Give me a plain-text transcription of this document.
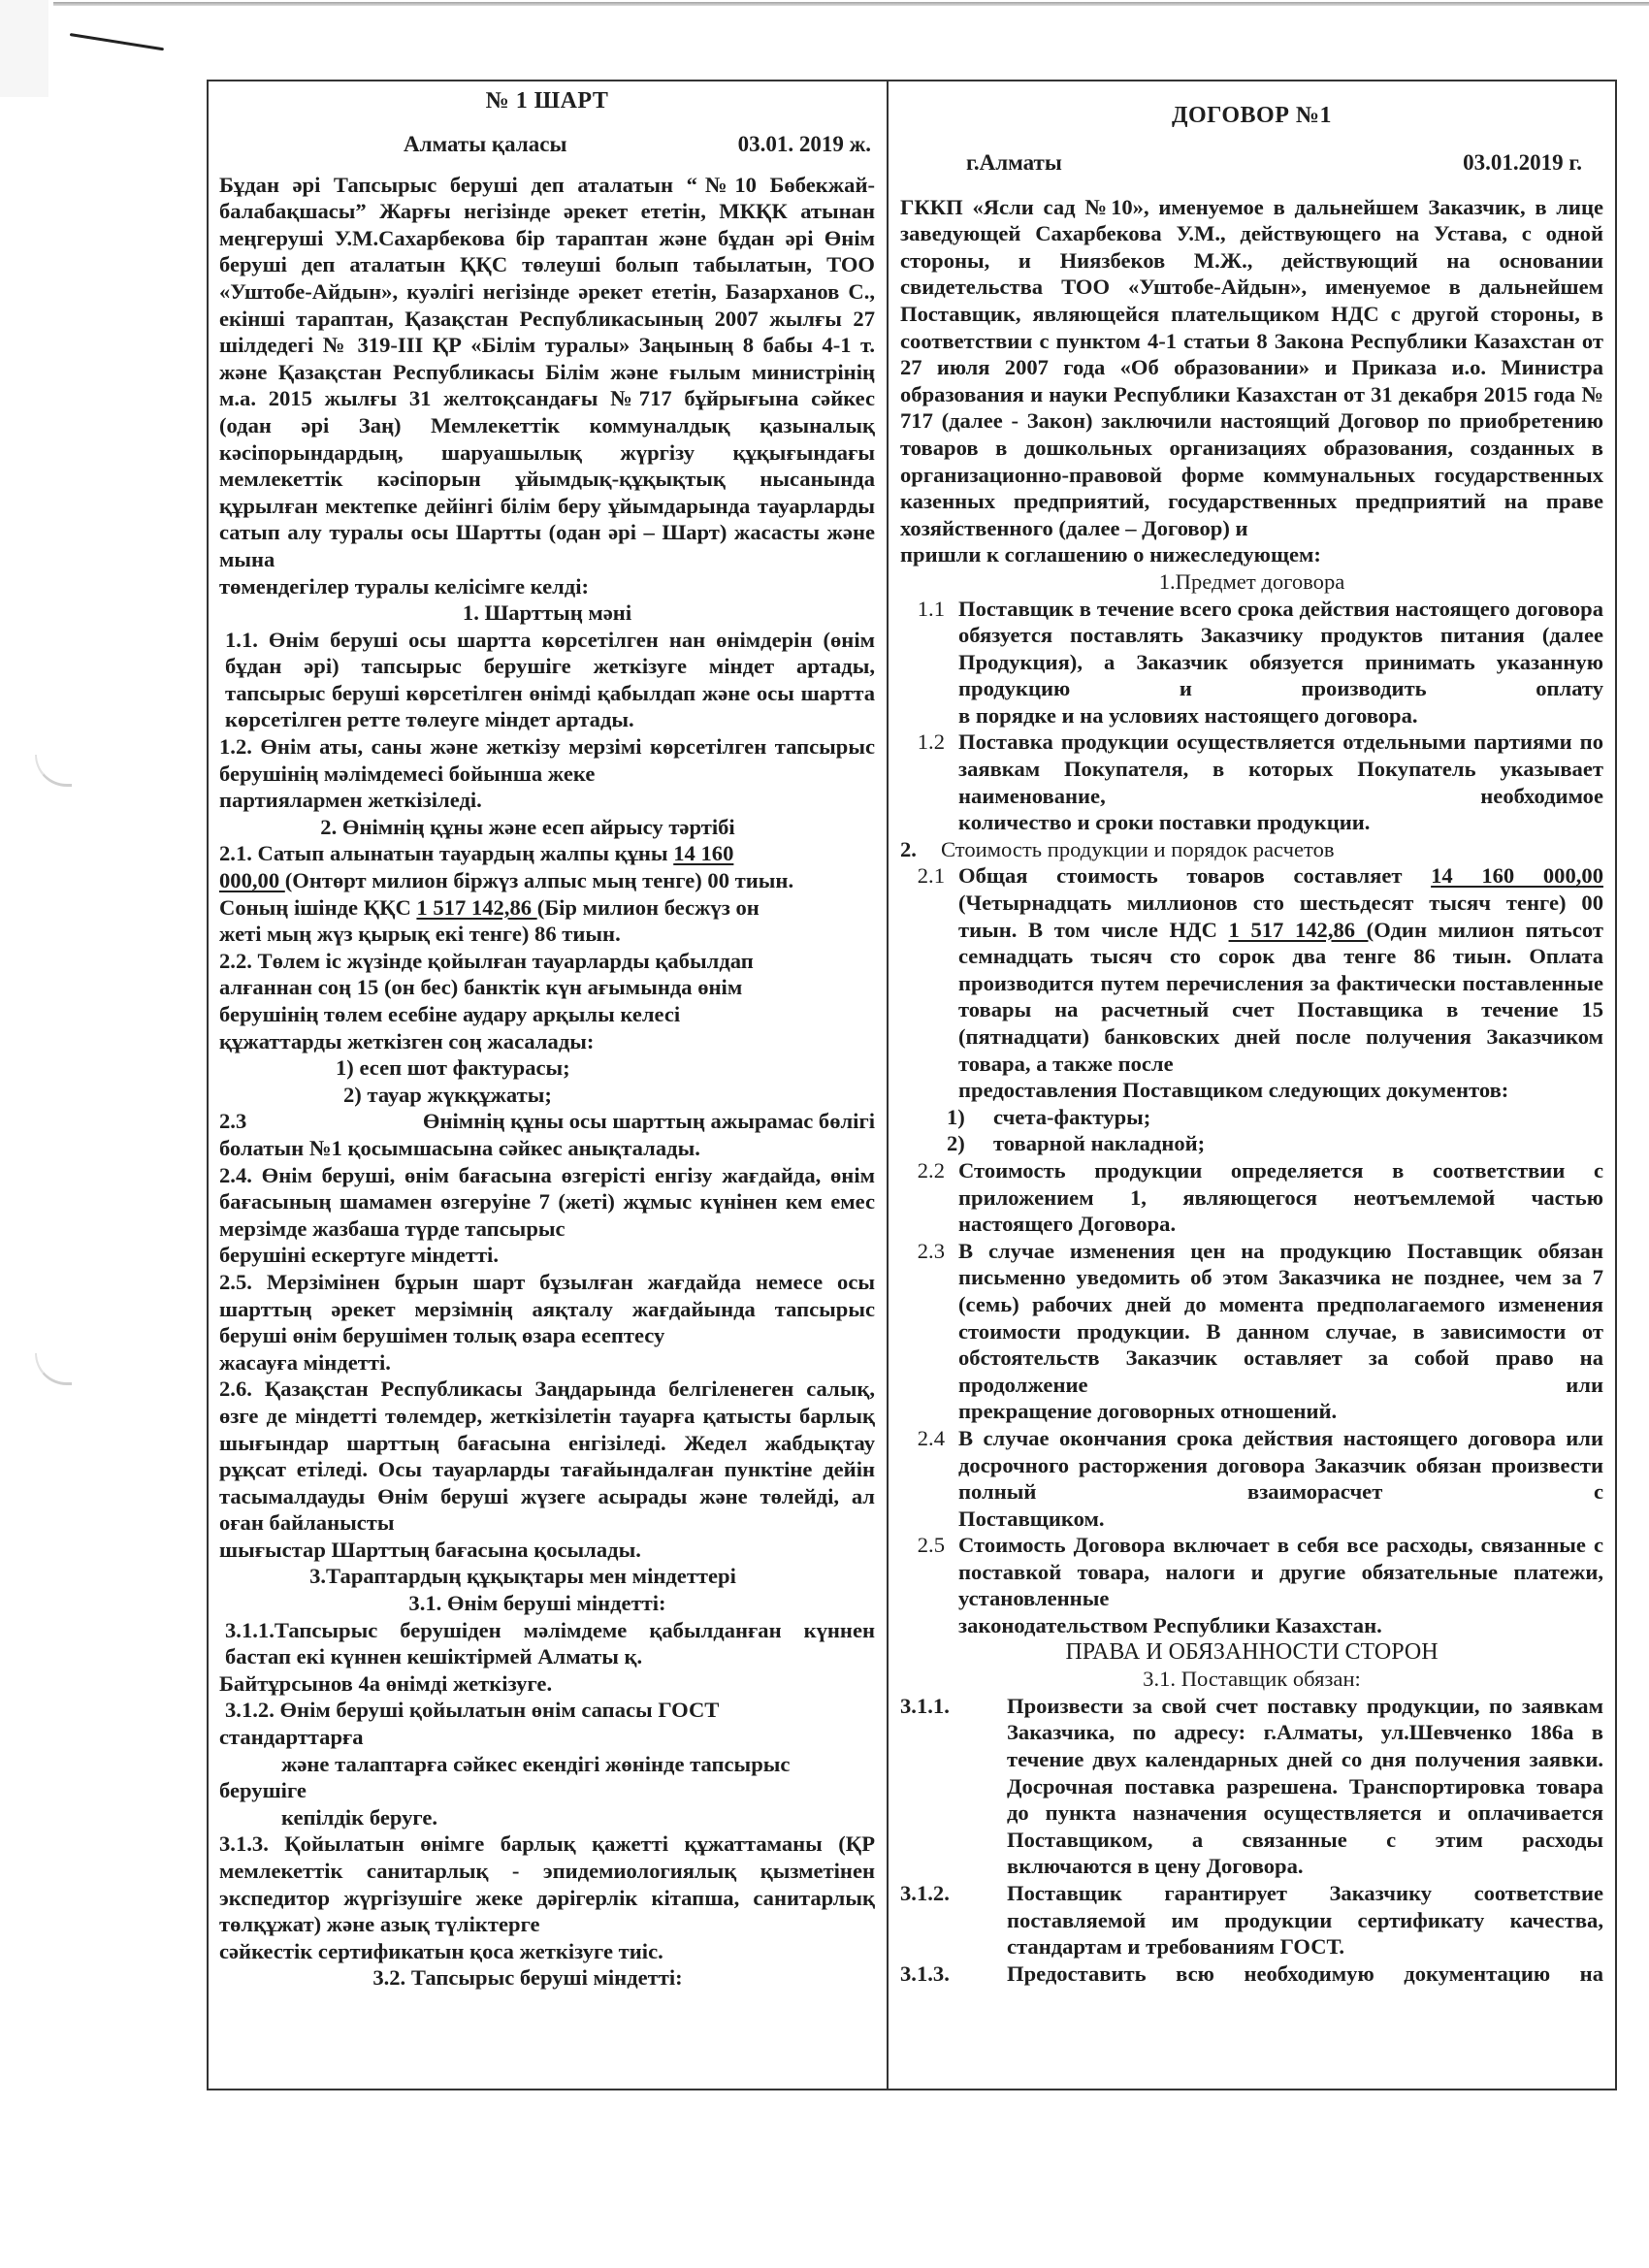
№ 1 ШАРТ
Алматы қаласы	03.01. 2019 ж.

Бұдан әрі Тапсырыс беруші деп аталатын “№10 Бөбекжай-балабақшасы” Жарғы негізінде әрекет ететін, МКҚК атынан меңгеруші У.М.Сахарбекова бір тараптан және бұдан әрі Өнім беруші деп аталатын ҚҚС төлеуші болып табылатын, ТОО «Уштобе-Айдын», куәлігі негізінде әрекет ететін, Базарханов С., екінші тараптан, Қазақстан Республикасының 2007 жылғы 27 шілдедегі № 319-III ҚР «Білім туралы» Заңының 8 бабы 4-1 т. және Қазақстан Республикасы Білім және ғылым министрінің м.а. 2015 жылғы 31 желтоқсандағы №717 бұйрығына сәйкес (одан әрі Заң) Мемлекеттік коммуналдық қазыналық кәсіпорындардың, шаруашылық жүргізу құқығындағы мемлекеттік кәсіпорын ұйымдық-құқықтық нысанында құрылған мектепке дейінгі білім беру ұйымдарында тауарларды сатып алу туралы осы Шартты (одан әрі – Шарт) жасасты және мына

төмендегілер туралы келісімге келді:

1. Шарттың мәні

1.1. Өнім беруші осы шартта көрсетілген нан өнімдерін (өнім бұдан әрі) тапсырыс берушіге жеткізуге міндет артады, тапсырыс беруші көрсетілген өнімді қабылдап және осы шартта көрсетілген ретте төлеуге міндет артады.

1.2. Өнім аты, саны және жеткізу мерзімі көрсетілген тапсырыс берушінің мәлімдемесі бойынша жеке

партиялармен жеткізіледі.

2. Өнімнің құны және есеп айрысу тәртібі
2.1. Сатып алынатын тауардың жалпы құны 14 160
000,00 (Онтөрт милион біржүз алпыс мың тенге) 00 тиын.
Соның ішінде ҚҚС 1 517 142,86 (Бір милион бесжүз он
жеті мың жүз қырық екі тенге) 86 тиын.
2.2. Төлем іс жүзінде қойылған тауарларды қабылдап
алғаннан соң 15 (он бес) банктік күн ағымында өнім
берушінің төлем есебіне аудару арқылы келесі
құжаттарды жеткізген соң жасалады:
1) есеп шот фактурасы;
2) тауар жүкқұжаты;
2.3	Өнімнің құны осы шарттың ажырамас бөлігі
болатын №1 қосымшасына сәйкес анықталады.

2.4. Өнім беруші, өнім бағасына өзгерісті енгізу жағдайда, өнім бағасының шамамен өзгеруіне 7 (жеті) жұмыс күнінен кем емес мерзімде жазбаша түрде тапсырыс

берушіні ескертуге міндетті.

2.5. Мерзімінен бұрын шарт бұзылған жағдайда немесе осы шарттың әрекет мерзімнің аяқталу жағдайында тапсырыс беруші өнім берушімен толық өзара есептесу

жасауға міндетті.

2.6. Қазақстан Республикасы Заңдарында белгіленеген салық, өзге де міндетті төлемдер, жеткізілетін тауарға қатысты барлық шығындар шарттың бағасына енгізіледі. Жедел жабдықтау рұқсат етіледі. Осы тауарларды тағайындалған пунктіне дейін тасымалдауды Өнім беруші жүзеге асырады және төлейді, ал оған байланысты

шығыстар Шарттың бағасына қосылады.

3.Тараптардың құқықтары мен міндеттері
3.1. Өнім беруші міндетті:

3.1.1.Тапсырыс берушіден мәлімдеме қабылданған күннен бастап екі күннен кешіктірмей Алматы қ.

Байтұрсынов 4а өнімді жеткізуге.

3.1.2. Өнім беруші қойылатын өнім сапасы ГОСТ
стандарттарға
және талаптарға сәйкес екендігі жөнінде тапсырыс
берушіге
кепілдік беруге.

3.1.3. Қойылатын өнімге барлық қажетті құжаттаманы (ҚР мемлекеттік санитарлық - эпидемиологиялық қызметінен экспедитор жүргізушіге жеке дәрігерлік кітапша, санитарлық төлқұжат) және азық түліктерге

сәйкестік сертификатын қоса жеткізуге тиіс.

3.2. Тапсырыс беруші міндетті:
ДОГОВОР №1
г.Алматы	03.01.2019 г.

ГККП «Ясли сад №10», именуемое в дальнейшем Заказчик, в лице заведующей Сахарбекова У.М., действующего на Устава, с одной стороны, и Ниязбеков М.Ж., действующий на основании свидетельства ТОО «Уштобе-Айдын», именуемое в дальнейшем Поставщик, являющейся плательщиком НДС с другой стороны, в соответствии с пунктом 4-1 статьи 8 Закона Республики Казахстан от 27 июля 2007 года «Об образовании» и Приказа и.о. Министра образования и науки Республики Казахстан от 31 декабря 2015 года № 717 (далее - Закон) заключили настоящий Договор по приобретению товаров в дошкольных организациях образования, созданных в организационно-правовой форме коммунальных государственных казенных предприятий, государственных предприятий на праве хозяйственного (далее – Договор) и

пришли к соглашению о нижеследующем:

1.Предмет договора
1.1 Поставщик в течение всего срока действия настоящего договора обязуется поставлять Заказчику продуктов питания (далее Продукция), а Заказчик обязуется принимать указанную продукцию и производить оплату
в порядке и на условиях настоящего договора.
1.2 Поставка продукции осуществляется отдельными партиями по заявкам Покупателя, в которых Покупатель указывает наименование, необходимое
количество и сроки поставки продукции.
2.	Стоимость продукции и порядок расчетов
2.1 Общая стоимость товаров составляет 14 160 000,00 (Четырнадцать миллионов сто шестьдесят тысяч тенге) 00 тиын. В том числе НДС 1 517 142,86 (Один милион пятьсот семнадцать тысяч сто сорок два тенге 86 тиын. Оплата производится путем перечисления за фактически поставленные товары на расчетный счет Поставщика в течение 15 (пятнадцати) банковских дней после получения Заказчиком товара, а также после
предоставления Поставщиком следующих документов:
1)	счета-фактуры;
2)	товарной накладной;
2.2 Стоимость продукции определяется в соответствии с приложением 1, являющегося неотъемлемой частью
настоящего Договора.
2.3 В случае изменения цен на продукцию Поставщик обязан письменно уведомить об этом Заказчика не позднее, чем за 7 (семь) рабочих дней до момента предполагаемого изменения стоимости продукции. В данном случае, в зависимости от обстоятельств Заказчик оставляет за собой право на продолжение или
прекращение договорных отношений.
2.4 В случае окончания срока действия настоящего договора или досрочного расторжения договора Заказчик обязан произвести полный взаиморасчет с
Поставщиком.
2.5 Стоимость Договора включает в себя все расходы, связанные с поставкой товара, налоги и другие обязательные платежи, установленные
законодательством Республики Казахстан.
ПРАВА И ОБЯЗАННОСТИ СТОРОН
3.1. Поставщик обязан:
3.1.1.	Произвести за свой счет поставку продукции, по заявкам Заказчика, по адресу: г.Алматы, ул.Шевченко 186а в течение двух календарных дней со дня получения заявки. Досрочная поставка разрешена. Транспортировка товара до пункта назначения осуществляется и оплачивается Поставщиком, а связанные с этим расходы
включаются в цену Договора.
3.1.2.	Поставщик гарантирует Заказчику соответствие поставляемой им продукции сертификату качества,
стандартам и требованиям ГОСТ.
3.1.3.	Предоставить всю необходимую документацию на
